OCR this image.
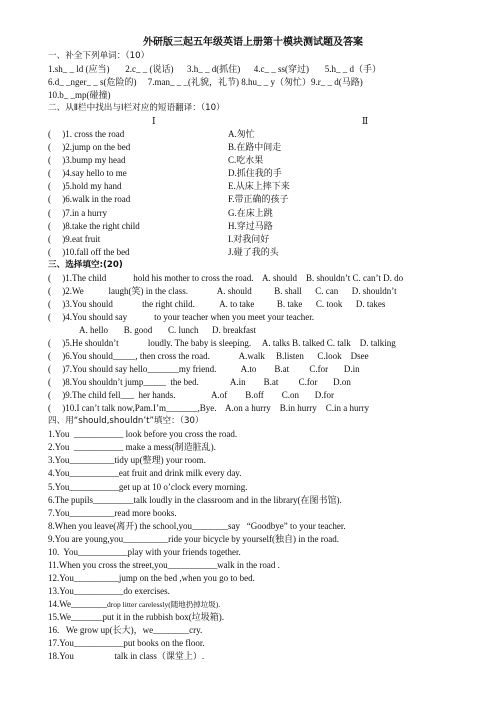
外研版三起五年级英语上册第十模块测试题及答案
一、补全下列单词：（10）
1.sh_ _ ld (应当)       2.c_ _ (说话)      3.h_ _ d(抓住)      4.c_ _ ss(穿过)       5.h_ _ d（手）
6.d_ _nger_ _ s(危险的)     7.man_ _ _(礼貌，礼节) 8.hu_ _ y（匆忙）9.r_ _ d(马路)
10.b_ _mp(碰撞)
二、从Ⅱ栏中找出与Ⅰ栏对应的短语翻译：（10）
Ⅰ	Ⅱ
(     )1. cross the road	A.匆忙
(     )2.jump on the bed	B.在路中间走
(     )3.bump my head	C.吃水果
(     )4.say hello to me	D.抓住我的手
(     )5.hold my hand	E.从床上摔下来
(     )6.walk in the road	F.带正确的孩子
(     )7.in a hurry	G.在床上跳
(     )8.take the right child	H.穿过马路
(     )9.eat fruit	I.对我问好
(     )10.fall off the bed	J.碰了我的头
三、选择填空:(20)
(     )1.The child            hold his mother to cross the road.    A. should    B. shouldn’t C. can’t D. do
(     )2.We           laugh(笑) in the class.             A. should          B. shall      C. can      D. shouldn’t
(     )3.You should             the right child.           A. to take          B. take      C. took      D. takes
(     )4.You should say            to your teacher when you meet your teacher.
A. hello       B. good       C. lunch      D. breakfast
(     )5.He shouldn’t             loudly. The baby is sleeping.     A. talks B. talked C. talk    D. talking
(     )6.You should_____, then cross the road.             A.walk     B.listen      C.look    Dsee
(     )7.You should say hello_______my friend.           A.to        B.at         C.for       D.in
(     )8.You shouldn’t jump_____  the bed.              A.in        B.at         C.for       D.on
(     )9.The child fell___  her hands.                A.of        B.off        C.on       D.for
(     )10.I can’t talk now,Pam.I’m_______,Bye.    A.on a hurry    B.in hurry    C.in a hurry
四、用“should,shouldn’t”填空：（30）
1.You  ___________ look before you cross the road.
2.You  ___________ make a mess(制造脏乱).
3.You__________tidy up(整理) your room.
4.You___________eat fruit and drink milk every day.
5.You___________get up at 10 o’clock every morning.
6.The pupils_________talk loudly in the classroom and in the library(在图书馆).
7.You__________read more books.
8.When you leave(离开) the school,you________say   “Goodbye” to your teacher.
9.You are young,you__________ride your bicycle by yourself(独自) in the road.
10.  You___________play with your friends together.
11.When you cross the street,you___________walk in the road .
12.You__________jump on the bed ,when you go to bed.
13.You___________do exercises.
14.We________drop litter carelessly(随地扔掉垃圾).
15.We_______put it in the rubbish box(垃圾箱).
16.   We grow up(长大)，we________cry.
17.You___________put books on the floor.
18.You                  talk in class（课堂上）.
